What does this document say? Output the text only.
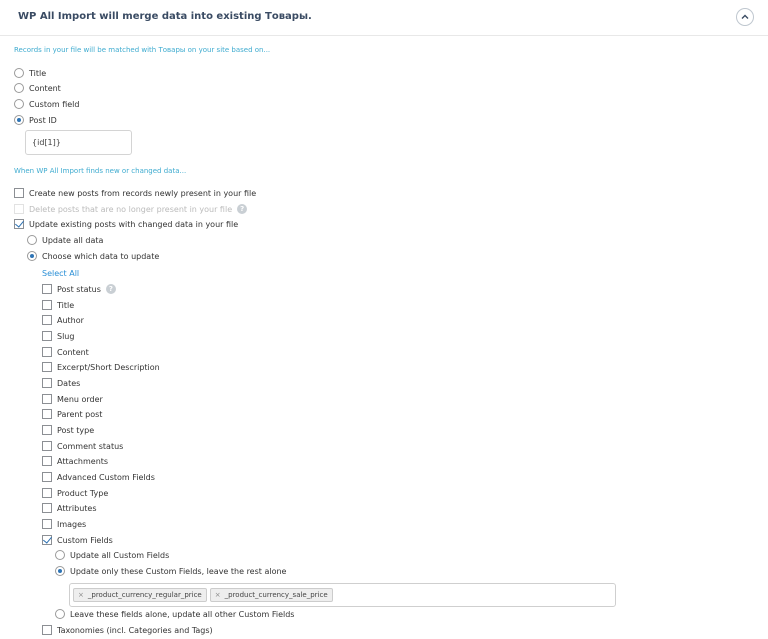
WP All Import will merge data into existing Товары.
Records in your file will be matched with Товары on your site based on...
Title
Content
Custom field
Post ID
{id[1]}
When WP All Import finds new or changed data...
Create new posts from records newly present in your file
Delete posts that are no longer present in your file	?
Update existing posts with changed data in your file
Update all data
Choose which data to update
Select All
Post status	?
Title
Author
Slug
Content
Excerpt/Short Description
Dates
Menu order
Parent post
Post type
Comment status
Attachments
Advanced Custom Fields
Product Type
Attributes
Images
Custom Fields
Update all Custom Fields
Update only these Custom Fields, leave the rest alone
× _product_currency_regular_price × _product_currency_sale_price
Leave these fields alone, update all other Custom Fields
Taxonomies (incl. Categories and Tags)
